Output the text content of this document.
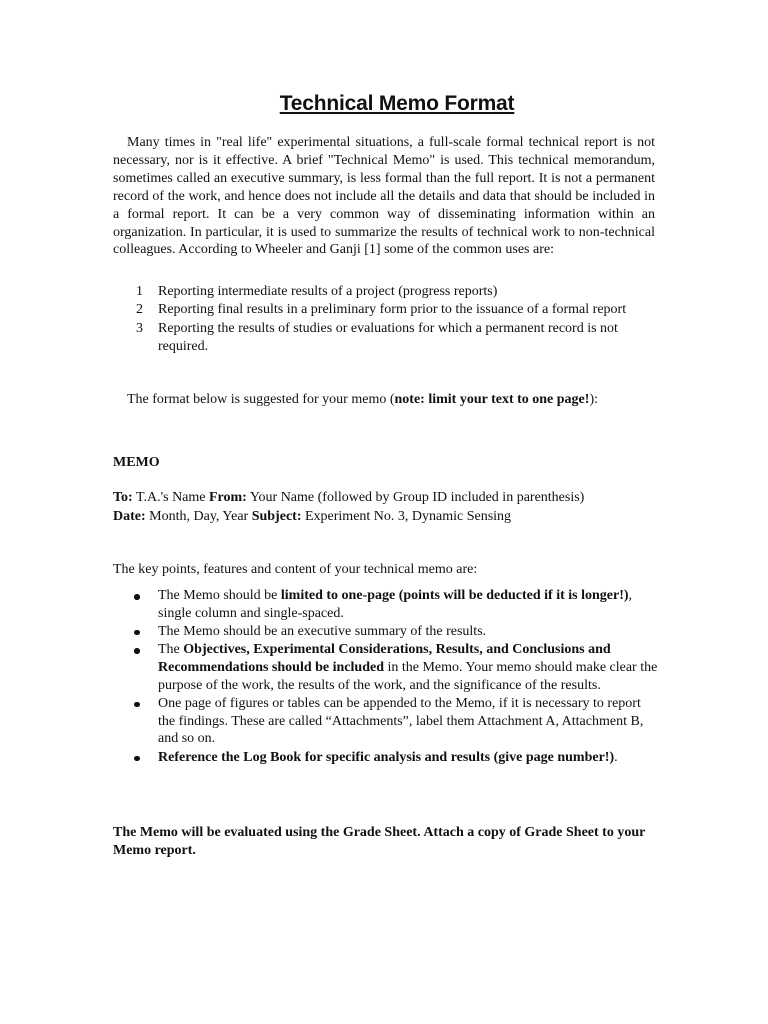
Technical Memo Format

Many times in "real life" experimental situations, a full-scale formal technical report is not necessary, nor is it effective. A brief "Technical Memo" is used. This technical memorandum, sometimes called an executive summary, is less formal than the full report. It is not a permanent record of the work, and hence does not include all the details and data that should be included in a formal report. It can be a very common way of disseminating information within an organization. In particular, it is used to summarize the results of technical work to non-technical colleagues. According to Wheeler and Ganji [1] some of the common uses are:

1 Reporting intermediate results of a project (progress reports)
2 Reporting final results in a preliminary form prior to the issuance of a formal report
3 Reporting the results of studies or evaluations for which a permanent record is not required.

The format below is suggested for your memo (note: limit your text to one page!):

MEMO

To: T.A.'s Name From: Your Name (followed by Group ID included in parenthesis)

Date: Month, Day, Year Subject: Experiment No. 3, Dynamic Sensing

The key points, features and content of your technical memo are:

The Memo should be limited to one-page (points will be deducted if it is longer!), single column and single-spaced.
The Memo should be an executive summary of the results.
The Objectives, Experimental Considerations, Results, and Conclusions and Recommendations should be included in the Memo. Your memo should make clear the purpose of the work, the results of the work, and the significance of the results.
One page of figures or tables can be appended to the Memo, if it is necessary to report the findings. These are called “Attachments”, label them Attachment A, Attachment B, and so on.
Reference the Log Book for specific analysis and results (give page number!).

The Memo will be evaluated using the Grade Sheet. Attach a copy of Grade Sheet to your Memo report.
